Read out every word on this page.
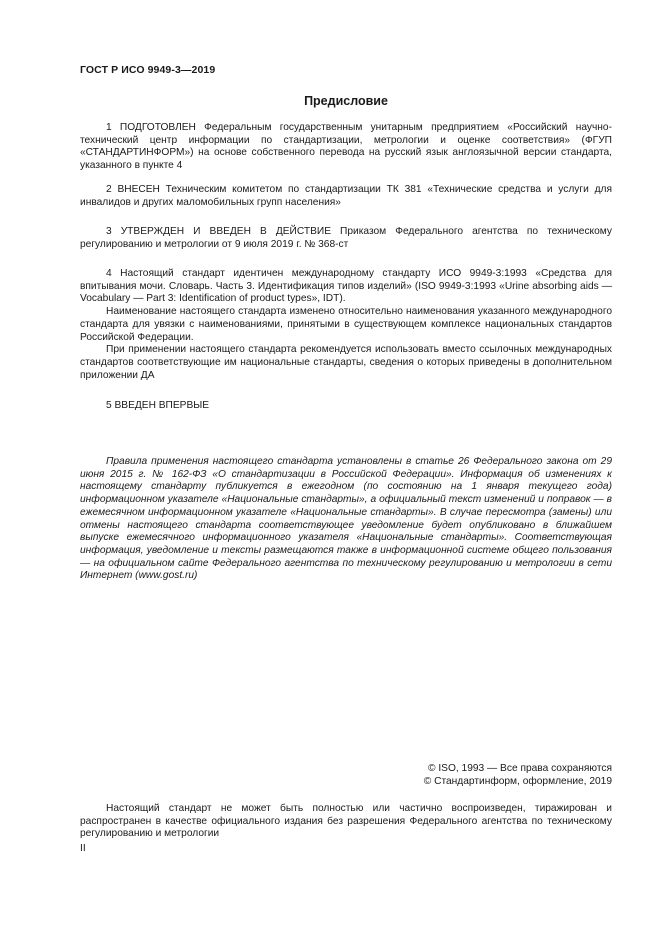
ГОСТ Р ИСО 9949-3—2019
Предисловие

1 ПОДГОТОВЛЕН Федеральным государственным унитарным предприятием «Российский научно-технический центр информации по стандартизации, метрологии и оценке соответствия» (ФГУП «СТАНДАРТИНФОРМ») на основе собственного перевода на русский язык англоязычной версии стандарта, указанного в пункте 4

2 ВНЕСЕН Техническим комитетом по стандартизации ТК 381 «Технические средства и услуги для инвалидов и других маломобильных групп населения»

3 УТВЕРЖДЕН И ВВЕДЕН В ДЕЙСТВИЕ Приказом Федерального агентства по техническому регулированию и метрологии от 9 июля 2019 г. № 368-ст

4 Настоящий стандарт идентичен международному стандарту ИСО 9949-3:1993 «Средства для впитывания мочи. Словарь. Часть 3. Идентификация типов изделий» (ISO 9949-3:1993 «Urine absorbing aids — Vocabulary — Part 3: Identification of product types», IDT).

Наименование настоящего стандарта изменено относительно наименования указанного международного стандарта для увязки с наименованиями, принятыми в существующем комплексе национальных стандартов Российской Федерации.

При применении настоящего стандарта рекомендуется использовать вместо ссылочных международных стандартов соответствующие им национальные стандарты, сведения о которых приведены в дополнительном приложении ДА

5 ВВЕДЕН ВПЕРВЫЕ

Правила применения настоящего стандарта установлены в статье 26 Федерального закона от 29 июня 2015 г. № 162-ФЗ «О стандартизации в Российской Федерации». Информация об изменениях к настоящему стандарту публикуется в ежегодном (по состоянию на 1 января текущего года) информационном указателе «Национальные стандарты», а официальный текст изменений и поправок — в ежемесячном информационном указателе «Национальные стандарты». В случае пересмотра (замены) или отмены настоящего стандарта соответствующее уведомление будет опубликовано в ближайшем выпуске ежемесячного информационного указателя «Национальные стандарты». Соответствующая информация, уведомление и тексты размещаются также в информационной системе общего пользования — на официальном сайте Федерального агентства по техническому регулированию и метрологии в сети Интернет (www.gost.ru)

© ISO, 1993 — Все права сохраняются
© Стандартинформ, оформление, 2019

Настоящий стандарт не может быть полностью или частично воспроизведен, тиражирован и распространен в качестве официального издания без разрешения Федерального агентства по техническому регулированию и метрологии

II
